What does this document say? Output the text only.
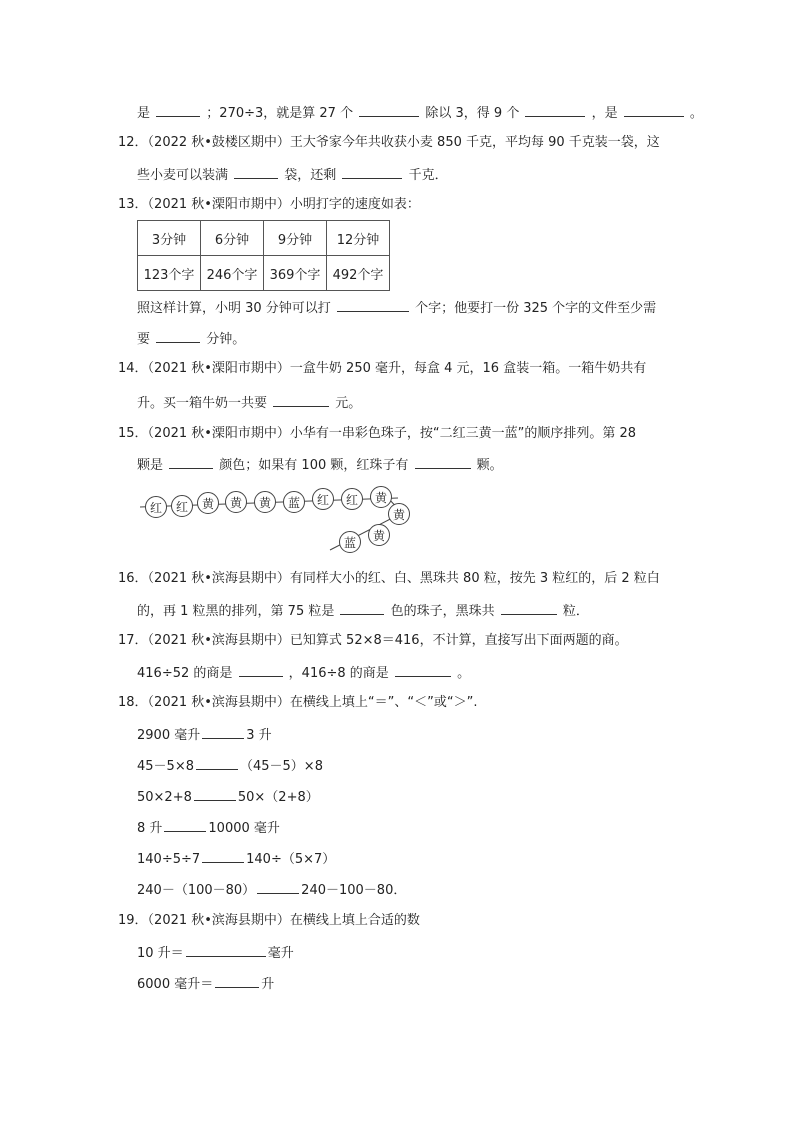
是	；270÷3，就是算 27 个	除以 3，得 9 个	，是	。
12．（2022 秋•鼓楼区期中）王大爷家今年共收获小麦 850 千克，平均每 90 千克装一袋，这
些小麦可以装满	袋，还剩	千克．
13．（2021 秋•溧阳市期中）小明打字的速度如表：
3分钟	6分钟	9分钟	12分钟
123个字	246个字	369个字	492个字
照这样计算，小明 30 分钟可以打	个字；他要打一份 325 个字的文件至少需
要	分钟。
14．（2021 秋•溧阳市期中）一盒牛奶 250 毫升，每盒 4 元，16 盒装一箱。一箱牛奶共有
升。买一箱牛奶一共要	元。
15．（2021 秋•溧阳市期中）小华有一串彩色珠子，按“二红三黄一蓝”的顺序排列。第 28
颗是	颜色；如果有 100 颗，红珠子有	颗。
红	红	黄	黄	黄	蓝	红	红	黄
黄
黄
蓝
16．（2021 秋•滨海县期中）有同样大小的红、白、黑珠共 80 粒，按先 3 粒红的，后 2 粒白
的，再 1 粒黑的排列，第 75 粒是	色的珠子，黑珠共	粒．
17．（2021 秋•滨海县期中）已知算式 52×8＝416，不计算，直接写出下面两题的商。
416÷52 的商是	，416÷8 的商是	。
18．（2021 秋•滨海县期中）在横线上填上“＝”、“＜”或“＞”.
2900 毫升	3 升
45－5×8	（45－5）×8
50×2+8	50×（2+8）
8 升	10000 毫升
140÷5÷7	140÷（5×7）
240－（100－80）	240－100－80．
19．（2021 秋•滨海县期中）在横线上填上合适的数
10 升＝	毫升
6000 毫升＝	升
